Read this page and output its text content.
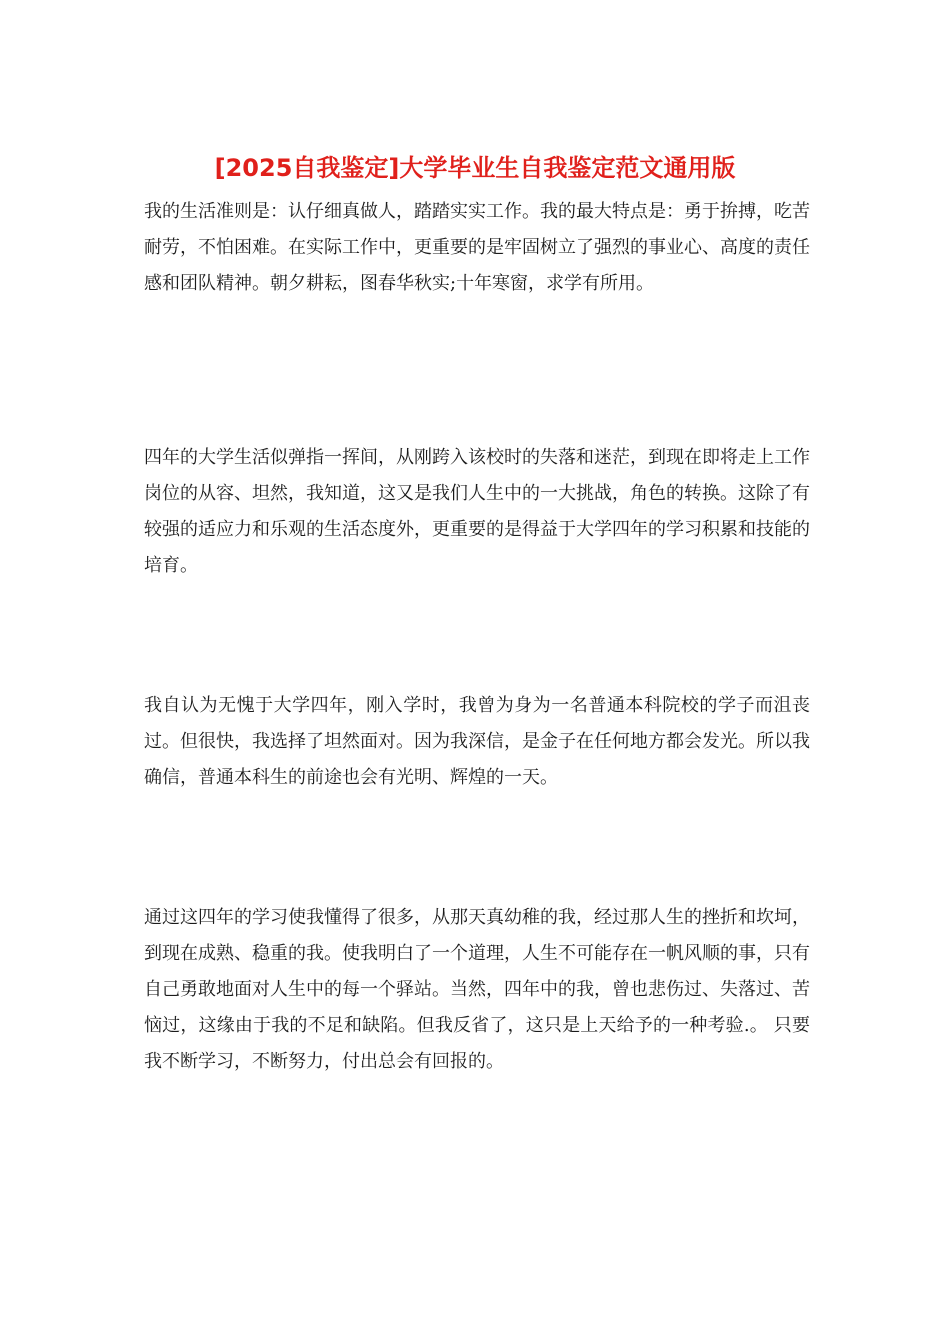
[2025自我鉴定]大学毕业生自我鉴定范文通用版

我的生活准则是：认仔细真做人，踏踏实实工作。我的最大特点是：勇于拚搏，吃苦耐劳，不怕困难。在实际工作中，更重要的是牢固树立了强烈的事业心、高度的责任感和团队精神。朝夕耕耘，图春华秋实;十年寒窗，求学有所用。

四年的大学生活似弹指一挥间，从刚跨入该校时的失落和迷茫，到现在即将走上工作岗位的从容、坦然，我知道，这又是我们人生中的一大挑战，角色的转换。这除了有较强的适应力和乐观的生活态度外，更重要的是得益于大学四年的学习积累和技能的培育。

我自认为无愧于大学四年，刚入学时，我曾为身为一名普通本科院校的学子而沮丧过。但很快，我选择了坦然面对。因为我深信，是金子在任何地方都会发光。所以我确信，普通本科生的前途也会有光明、辉煌的一天。

通过这四年的学习使我懂得了很多，从那天真幼稚的我，经过那人生的挫折和坎坷，到现在成熟、稳重的我。使我明白了一个道理，人生不可能存在一帆风顺的事，只有自己勇敢地面对人生中的每一个驿站。当然，四年中的我，曾也悲伤过、失落过、苦恼过，这缘由于我的不足和缺陷。但我反省了，这只是上天给予的一种考验.。 只要我不断学习，不断努力，付出总会有回报的。
